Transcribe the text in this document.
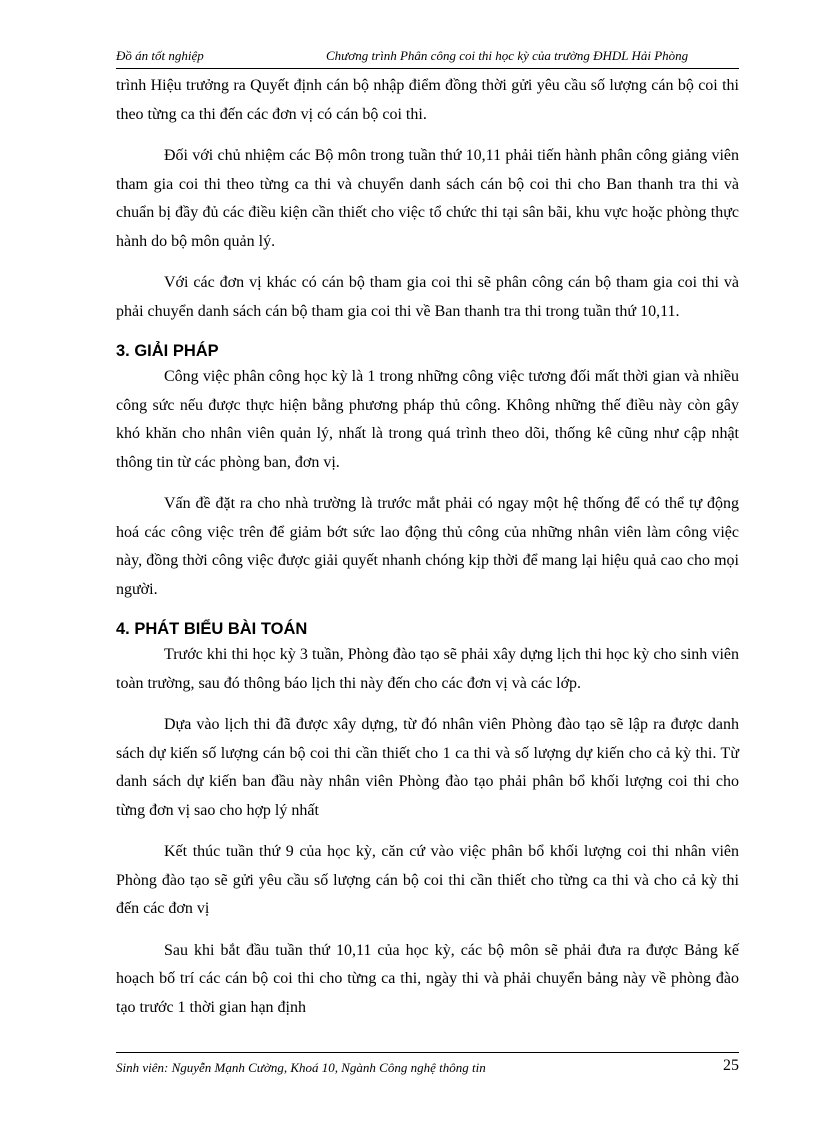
Đồ án tốt nghiệp	Chương trình Phân công coi thi học kỳ của trường ĐHDL Hải Phòng

trình Hiệu trưởng ra Quyết định cán bộ nhập điểm đồng thời gửi yêu cầu số lượng cán bộ coi thi theo từng ca thi đến các đơn vị có cán bộ coi thi.

Đối với chủ nhiệm các Bộ môn trong tuần thứ 10,11 phải tiến hành phân công giảng viên tham gia coi thi theo từng ca thi và chuyển danh sách cán bộ coi thi cho Ban thanh tra thi và chuẩn bị đầy đủ các điều kiện cần thiết cho việc tổ chức thi tại sân bãi, khu vực hoặc phòng thực hành do bộ môn quản lý.

Với các đơn vị khác có cán bộ tham gia coi thi sẽ phân công cán bộ tham gia coi thi và phải chuyển danh sách cán bộ tham gia coi thi về Ban thanh tra thi trong tuần thứ 10,11.

3. GIẢI PHÁP

Công việc phân công học kỳ là 1 trong những công việc tương đối mất thời gian và nhiều công sức nếu được thực hiện bằng phương pháp thủ công. Không những thế điều này còn gây khó khăn cho nhân viên quản lý, nhất là trong quá trình theo dõi, thống kê cũng như cập nhật thông tin từ các phòng ban, đơn vị.

Vấn đề đặt ra cho nhà trường là trước mắt phải có ngay một hệ thống để có thể tự động hoá các công việc trên để giảm bớt sức lao động thủ công của những nhân viên làm công việc này, đồng thời công việc được giải quyết nhanh chóng kịp thời để mang lại hiệu quả cao cho mọi người.

4. PHÁT BIỂU BÀI TOÁN

Trước khi thi học kỳ 3 tuần, Phòng đào tạo sẽ phải xây dựng lịch thi học kỳ cho sinh viên toàn trường, sau đó thông báo lịch thi này đến cho các đơn vị và các lớp.

Dựa vào lịch thi đã được xây dựng, từ đó nhân viên Phòng đào tạo sẽ lập ra được danh sách dự kiến số lượng cán bộ coi thi cần thiết cho 1 ca thi và số lượng dự kiến cho cả kỳ thi. Từ danh sách dự kiến ban đầu này nhân viên Phòng đào tạo phải phân bổ khối lượng coi thi cho từng đơn vị sao cho hợp lý nhất

Kết thúc tuần thứ 9 của học kỳ, căn cứ vào việc phân bổ khối lượng coi thi nhân viên Phòng đào tạo sẽ gửi yêu cầu số lượng cán bộ coi thi cần thiết cho từng ca thi và cho cả kỳ thi đến các đơn vị

Sau khi bắt đầu tuần thứ 10,11 của học kỳ, các bộ môn sẽ phải đưa ra được Bảng kế hoạch bố trí các cán bộ coi thi cho từng ca thi, ngày thi và phải chuyển bảng này về phòng đào tạo trước 1 thời gian hạn định

Sinh viên: Nguyễn Mạnh Cường, Khoá 10, Ngành Công nghệ thông tin	25
